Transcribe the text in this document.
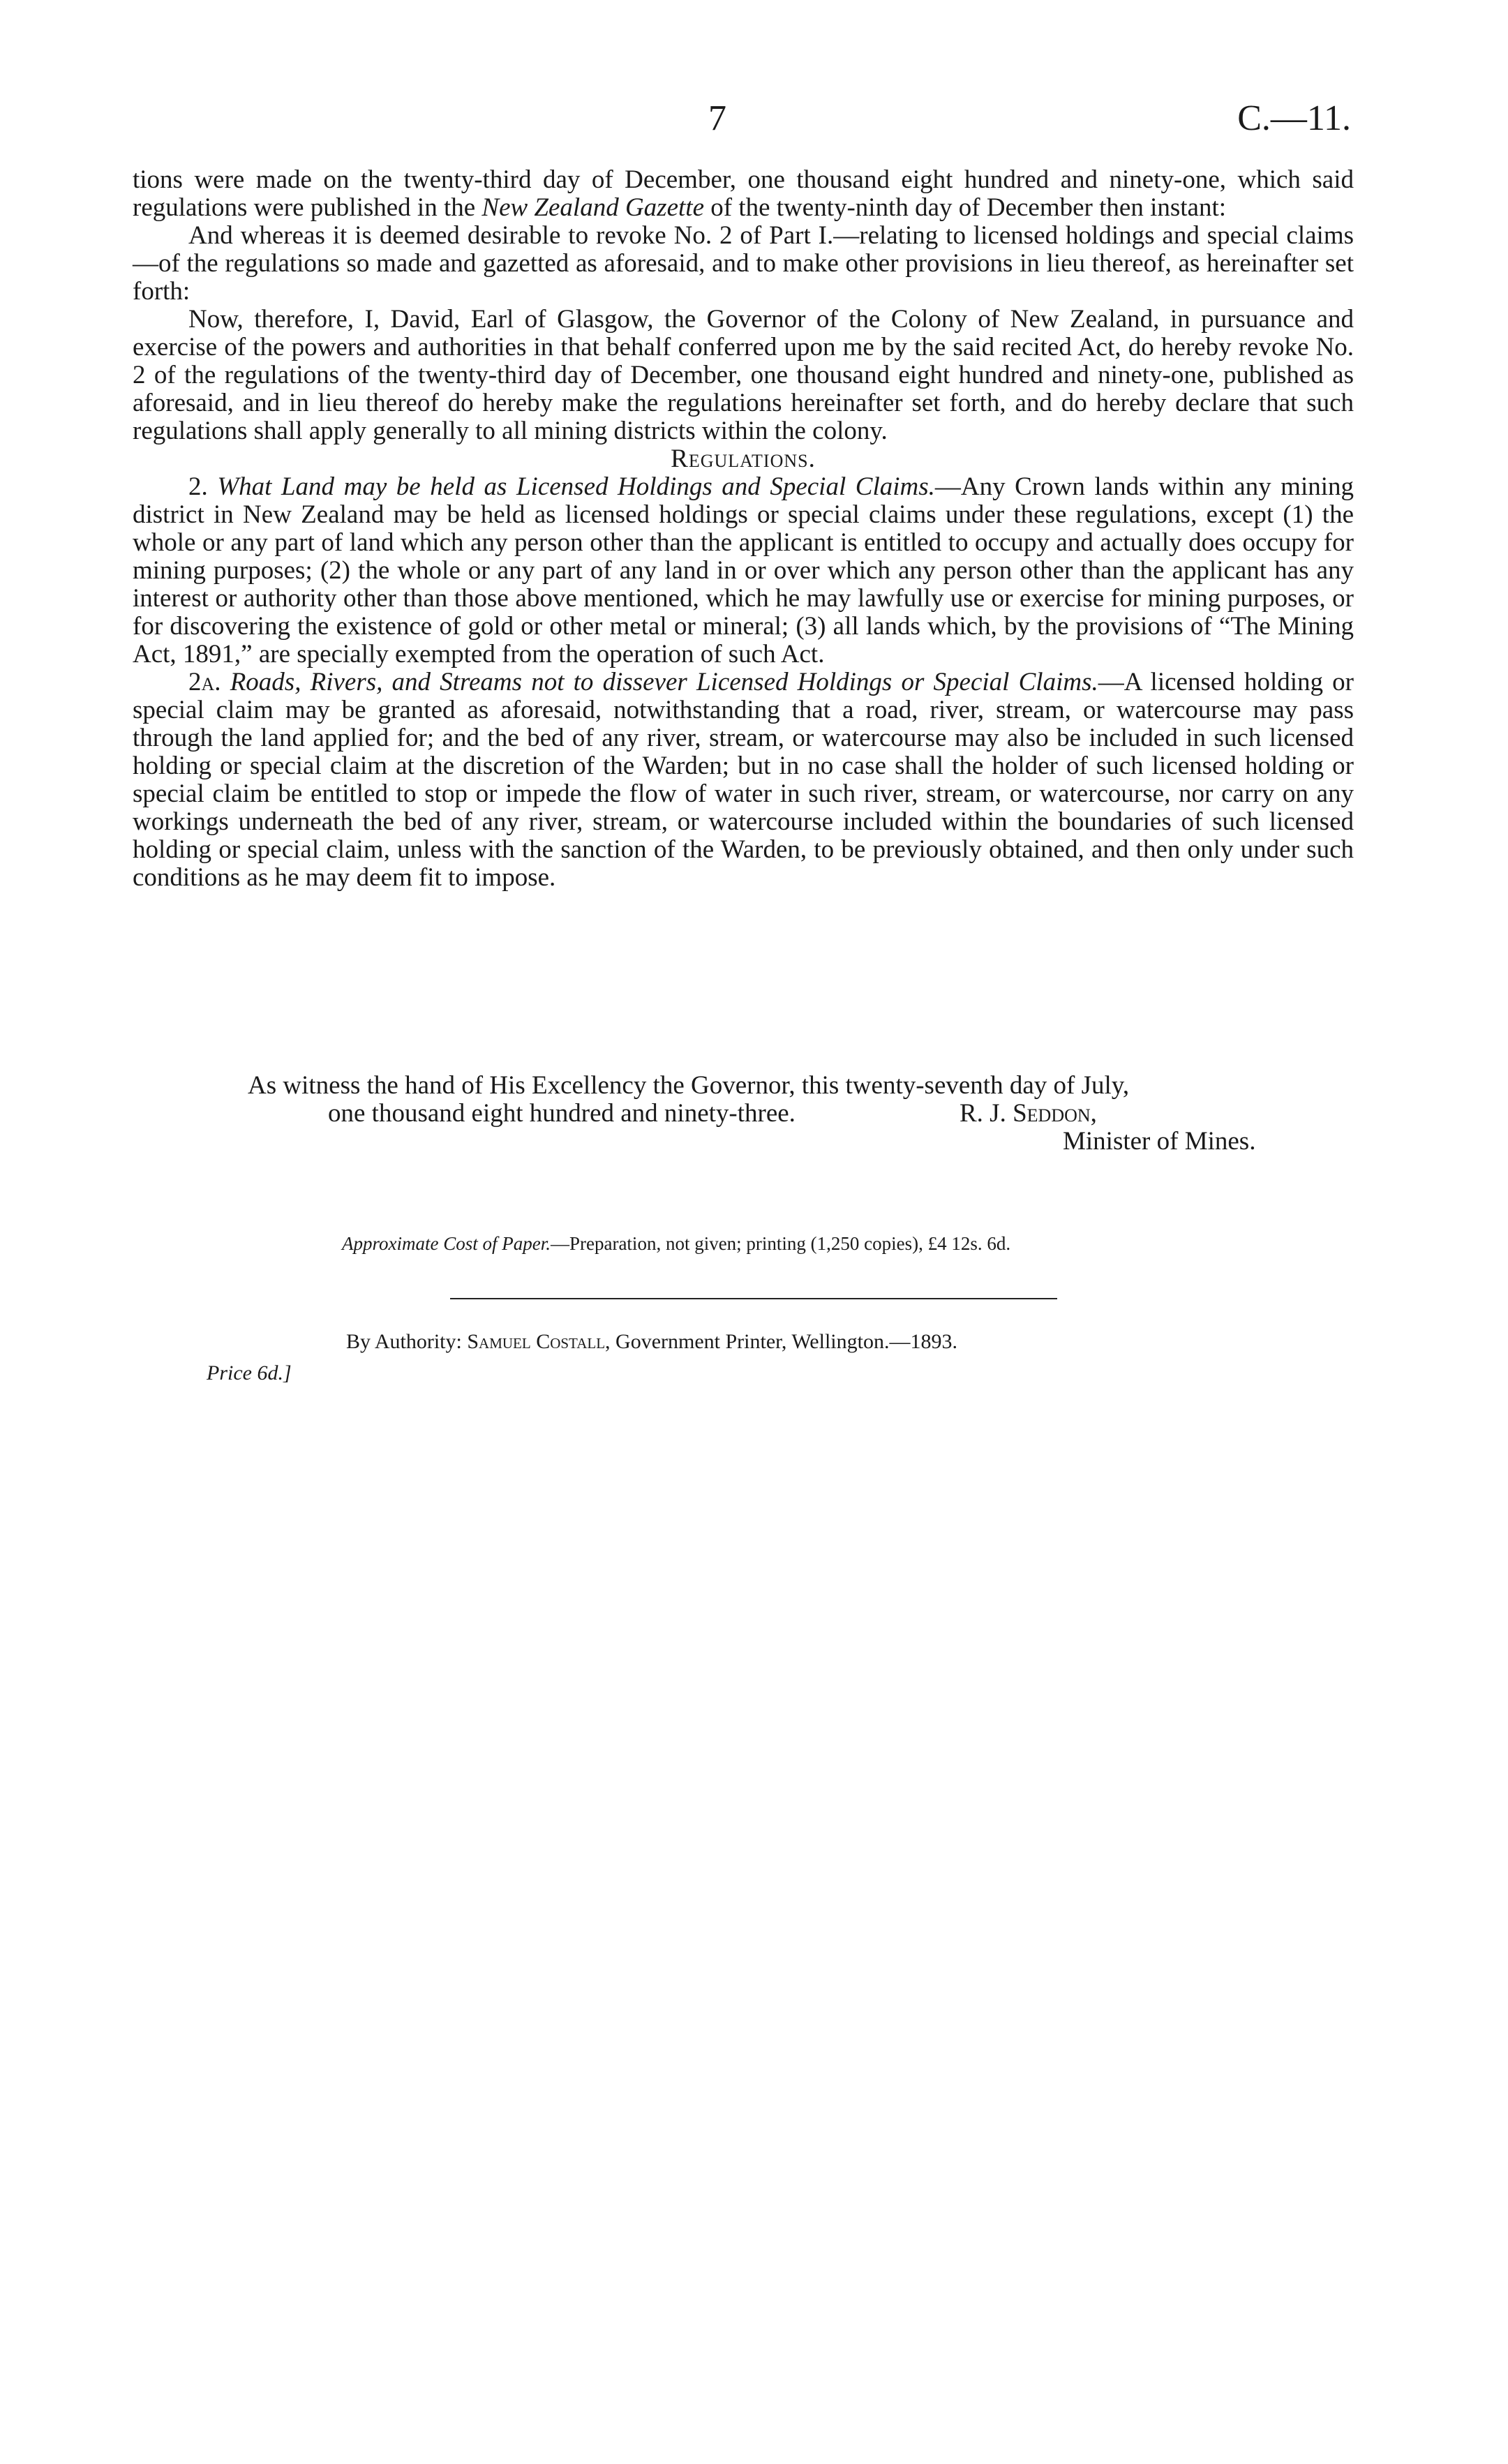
7	C.—11.

tions were made on the twenty-third day of December, one thousand eight hundred and ninety-one, which said regulations were published in the New Zealand Gazette of the twenty-ninth day of December then instant:

And whereas it is deemed desirable to revoke No. 2 of Part I.—relating to licensed holdings and special claims—of the regulations so made and gazetted as aforesaid, and to make other provisions in lieu thereof, as hereinafter set forth:

Now, therefore, I, David, Earl of Glasgow, the Governor of the Colony of New Zealand, in pursuance and exercise of the powers and authorities in that behalf conferred upon me by the said recited Act, do hereby revoke No. 2 of the regulations of the twenty-third day of December, one thousand eight hundred and ninety-one, published as aforesaid, and in lieu thereof do hereby make the regulations hereinafter set forth, and do hereby declare that such regulations shall apply generally to all mining districts within the colony.

Regulations.

2. What Land may be held as Licensed Holdings and Special Claims.—Any Crown lands within any mining district in New Zealand may be held as licensed holdings or special claims under these regulations, except (1) the whole or any part of land which any person other than the applicant is entitled to occupy and actually does occupy for mining purposes; (2) the whole or any part of any land in or over which any person other than the applicant has any interest or authority other than those above mentioned, which he may lawfully use or exercise for mining purposes, or for discovering the existence of gold or other metal or mineral; (3) all lands which, by the provisions of “The Mining Act, 1891,” are specially exempted from the operation of such Act.

2a. Roads, Rivers, and Streams not to dissever Licensed Holdings or Special Claims.—A licensed holding or special claim may be granted as aforesaid, notwithstanding that a road, river, stream, or watercourse may pass through the land applied for; and the bed of any river, stream, or watercourse may also be included in such licensed holding or special claim at the discretion of the Warden; but in no case shall the holder of such licensed holding or special claim be entitled to stop or impede the flow of water in such river, stream, or watercourse, nor carry on any workings underneath the bed of any river, stream, or watercourse included within the boundaries of such licensed holding or special claim, unless with the sanction of the Warden, to be previously obtained, and then only under such conditions as he may deem fit to impose.

As witness the hand of His Excellency the Governor, this twenty-seventh day of July,
one thousand eight hundred and ninety-three.	R. J. Seddon,
Minister of Mines.
Approximate Cost of Paper.—Preparation, not given; printing (1,250 copies), £4 12s. 6d.
By Authority: Samuel Costall, Government Printer, Wellington.—1893.
Price 6d.]
